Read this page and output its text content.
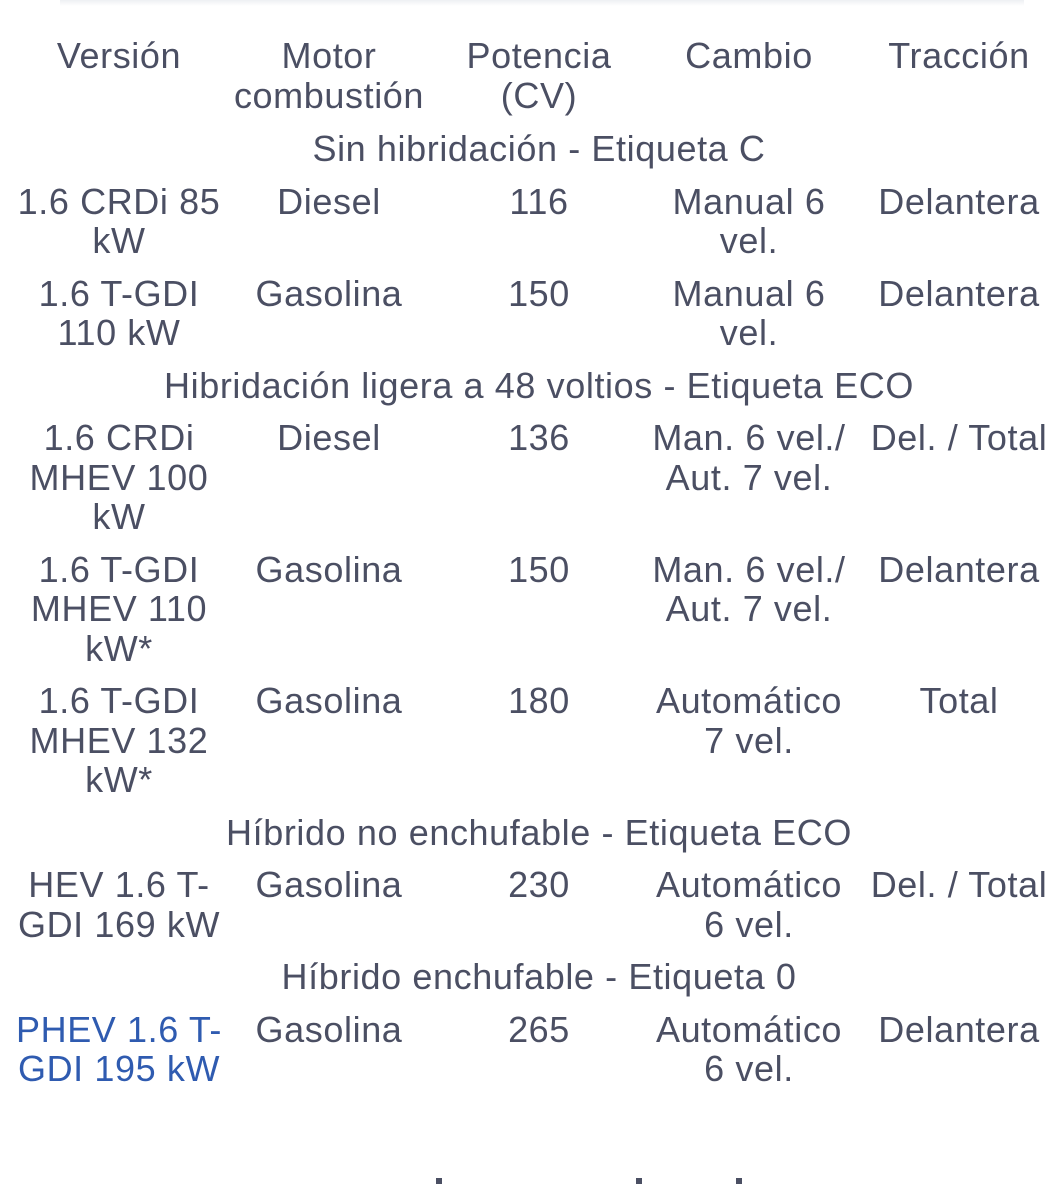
Versión	Motor combustión	Potencia (CV)	Cambio	Tracción
Sin hibridación - Etiqueta C				
1.6 CRDi 85 kW	Diesel	116	Manual 6 vel.	Delantera
1.6 T-GDI 110 kW	Gasolina	150	Manual 6 vel.	Delantera
Hibridación ligera a 48 voltios - Etiqueta ECO				
1.6 CRDi MHEV 100 kW	Diesel	136	Man. 6 vel./ Aut. 7 vel.	Del. / Total
1.6 T-GDI MHEV 110 kW*	Gasolina	150	Man. 6 vel./ Aut. 7 vel.	Delantera
1.6 T-GDI MHEV 132 kW*	Gasolina	180	Automático 7 vel.	Total
Híbrido no enchufable - Etiqueta ECO				
HEV 1.6 T-GDI 169 kW	Gasolina	230	Automático 6 vel.	Del. / Total
Híbrido enchufable - Etiqueta 0				
PHEV 1.6 T-GDI 195 kW	Gasolina	265	Automático 6 vel.	Delantera
